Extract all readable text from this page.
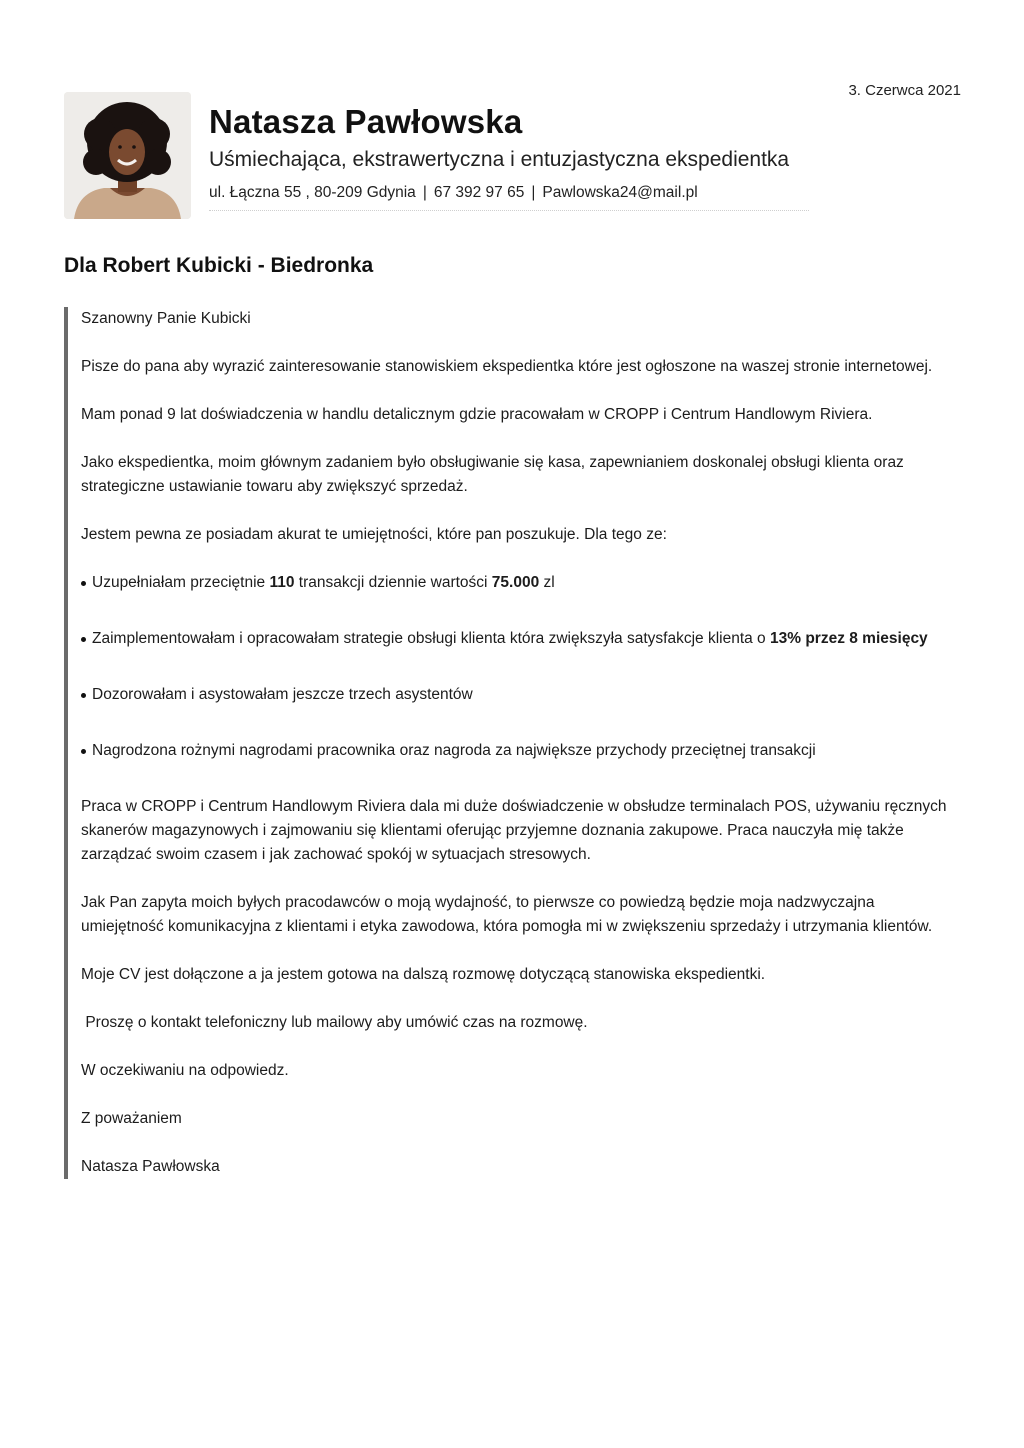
3. Czerwca 2021
Natasza Pawłowska
Uśmiechająca, ekstrawertyczna i entuzjastyczna ekspedientka
ul. Łączna 55 , 80-209 Gdynia | 67 392 97 65 | Pawlowska24@mail.pl
Dla Robert Kubicki - Biedronka

Szanowny Panie Kubicki

Pisze do pana aby wyrazić zainteresowanie stanowiskiem ekspedientka które jest ogłoszone na waszej stronie internetowej.

Mam ponad 9 lat doświadczenia w handlu detalicznym gdzie pracowałam w CROPP i Centrum Handlowym Riviera.

Jako ekspedientka, moim głównym zadaniem było obsługiwanie się kasa, zapewnianiem doskonalej obsługi klienta oraz strategiczne ustawianie towaru aby zwiększyć sprzedaż.

Jestem pewna ze posiadam akurat te umiejętności, które pan poszukuje. Dla tego ze:

Uzupełniałam przeciętnie 110 transakcji dziennie wartości 75.000 zl
Zaimplementowałam i opracowałam strategie obsługi klienta która zwiększyła satysfakcje klienta o 13% przez 8 miesięcy
Dozorowałam i asystowałam jeszcze trzech asystentów
Nagrodzona rożnymi nagrodami pracownika oraz nagroda za największe przychody przeciętnej transakcji

Praca w CROPP i Centrum Handlowym Riviera dala mi duże doświadczenie w obsłudze terminalach POS, używaniu ręcznych skanerów magazynowych i zajmowaniu się klientami oferując przyjemne doznania zakupowe. Praca nauczyła mię także zarządzać swoim czasem i jak zachować spokój w sytuacjach stresowych.

Jak Pan zapyta moich byłych pracodawców o moją wydajność, to pierwsze co powiedzą będzie moja nadzwyczajna umiejętność komunikacyjna z klientami i etyka zawodowa, która pomogła mi w zwiększeniu sprzedaży i utrzymania klientów.

Moje CV jest dołączone a ja jestem gotowa na dalszą rozmowę dotyczącą stanowiska ekspedientki.

Proszę o kontakt telefoniczny lub mailowy aby umówić czas na rozmowę.

W oczekiwaniu na odpowiedz.

Z poważaniem

Natasza Pawłowska
